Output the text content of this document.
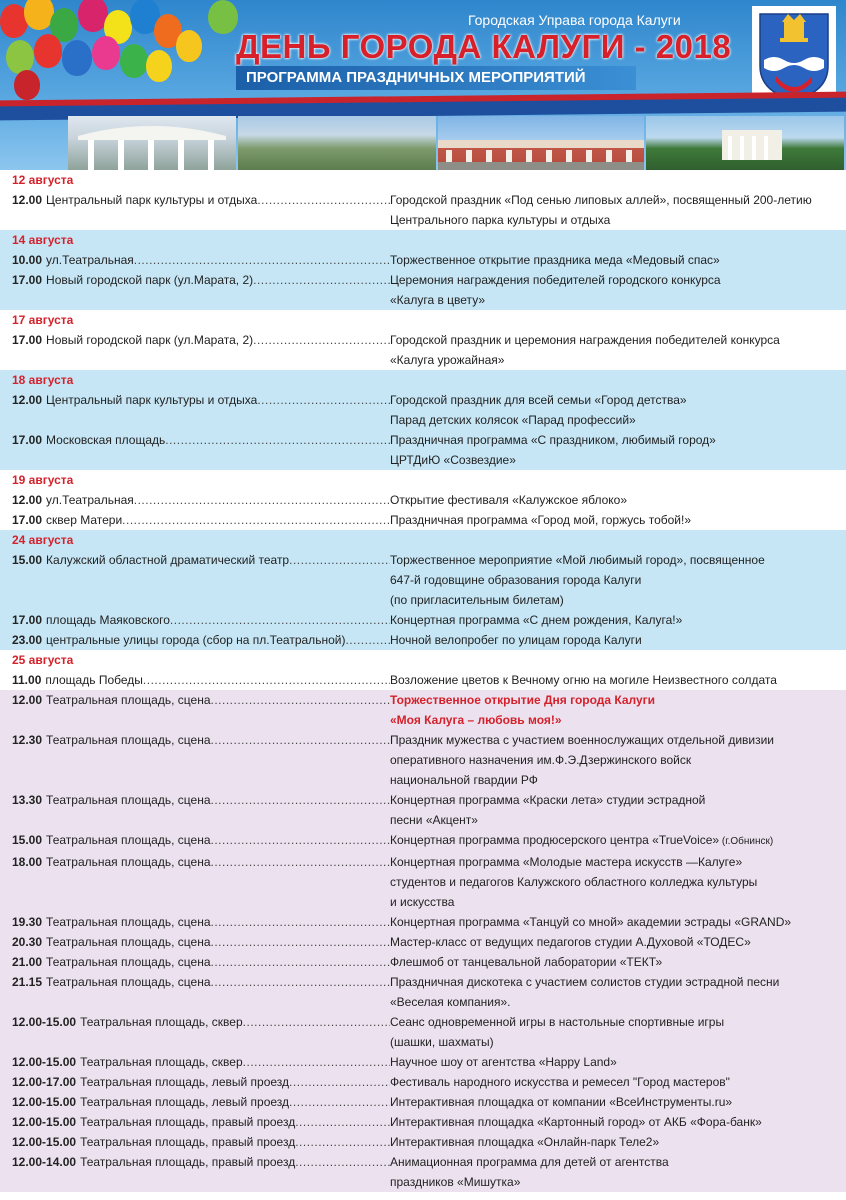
Городская Управа города Калуги
ДЕНЬ ГОРОДА КАЛУГИ - 2018
ПРОГРАММА ПРАЗДНИЧНЫХ МЕРОПРИЯТИЙ
12 августа
12.00 Центральный парк культуры и отдыха .....	Городской праздник «Под сенью липовых аллей», посвященный 200-летию
Центрального парка культуры и отдыха
14 августа
10.00 ул.Театральная .....	Торжественное открытие праздника меда «Медовый спас»
17.00 Новый городской парк (ул.Марата, 2) .....	Церемония награждения победителей городского конкурса
«Калуга в цвету»
17 августа
17.00 Новый городской парк (ул.Марата, 2) .....	Городской праздник и церемония награждения победителей конкурса
«Калуга урожайная»
18 августа
12.00 Центральный парк культуры и отдыха .....	Городской праздник для всей семьи «Город детства»
Парад детских колясок «Парад профессий»
17.00 Московская площадь .....	Праздничная программа «С праздником, любимый город»
ЦРТДиЮ «Созвездие»
19 августа
12.00 ул.Театральная .....	Открытие фестиваля «Калужское яблоко»
17.00 сквер Матери .....	Праздничная программа «Город мой, горжусь тобой!»
24 августа
15.00 Калужский областной драматический театр .....	Торжественное мероприятие «Мой любимый город», посвященное
647-й годовщине образования города Калуги
(по пригласительным билетам)
17.00 площадь Маяковского .....	Концертная программа «С днем рождения, Калуга!»
23.00 центральные улицы города (сбор на пл.Театральной) .....	Ночной велопробег по улицам города Калуги
25 августа
11.00 площадь Победы .....	Возложение цветов к Вечному огню на могиле Неизвестного солдата
12.00 Театральная площадь, сцена .....	Торжественное открытие Дня города Калуги
«Моя Калуга – любовь моя!»
12.30 Театральная площадь, сцена .....	Праздник мужества с участием военнослужащих отдельной дивизии
оперативного назначения им.Ф.Э.Дзержинского войск
национальной гвардии РФ
13.30 Театральная площадь, сцена .....	Концертная программа «Краски лета» студии эстрадной
песни «Акцент»
15.00 Театральная площадь, сцена .....	Концертная программа продюсерского центра «TrueVoice» (г.Обнинск)
18.00 Театральная площадь, сцена .....	Концертная программа «Молодые мастера искусств —Калуге»
студентов и педагогов Калужского областного колледжа культуры
и искусства
19.30 Театральная площадь, сцена .....	Концертная программа «Танцуй со мной» академии эстрады «GRAND»
20.30 Театральная площадь, сцена .....	Мастер-класс от ведущих педагогов студии А.Духовой «ТОДЕС»
21.00 Театральная площадь, сцена .....	Флешмоб от танцевальной лаборатории «ТЕКТ»
21.15 Театральная площадь, сцена .....	Праздничная дискотека с участием солистов студии эстрадной песни
«Веселая компания».
12.00-15.00 Театральная площадь, сквер .....	Сеанс одновременной игры в настольные спортивные игры
(шашки, шахматы)
12.00-15.00 Театральная площадь, сквер .....	Научное шоу от агентства «Happy Land»
12.00-17.00 Театральная площадь, левый проезд .....	Фестиваль народного искусства и ремесел "Город мастеров"
12.00-15.00 Театральная площадь, левый проезд .....	Интерактивная площадка от компании «ВсеИнструменты.ru»
12.00-15.00 Театральная площадь, правый проезд .....	Интерактивная площадка «Картонный город» от АКБ «Фора-банк»
12.00-15.00 Театральная площадь, правый проезд .....	Интерактивная площадка «Онлайн-парк Теле2»
12.00-14.00 Театральная площадь, правый проезд .....	Анимационная программа для детей от агентства
праздников «Мишутка»
